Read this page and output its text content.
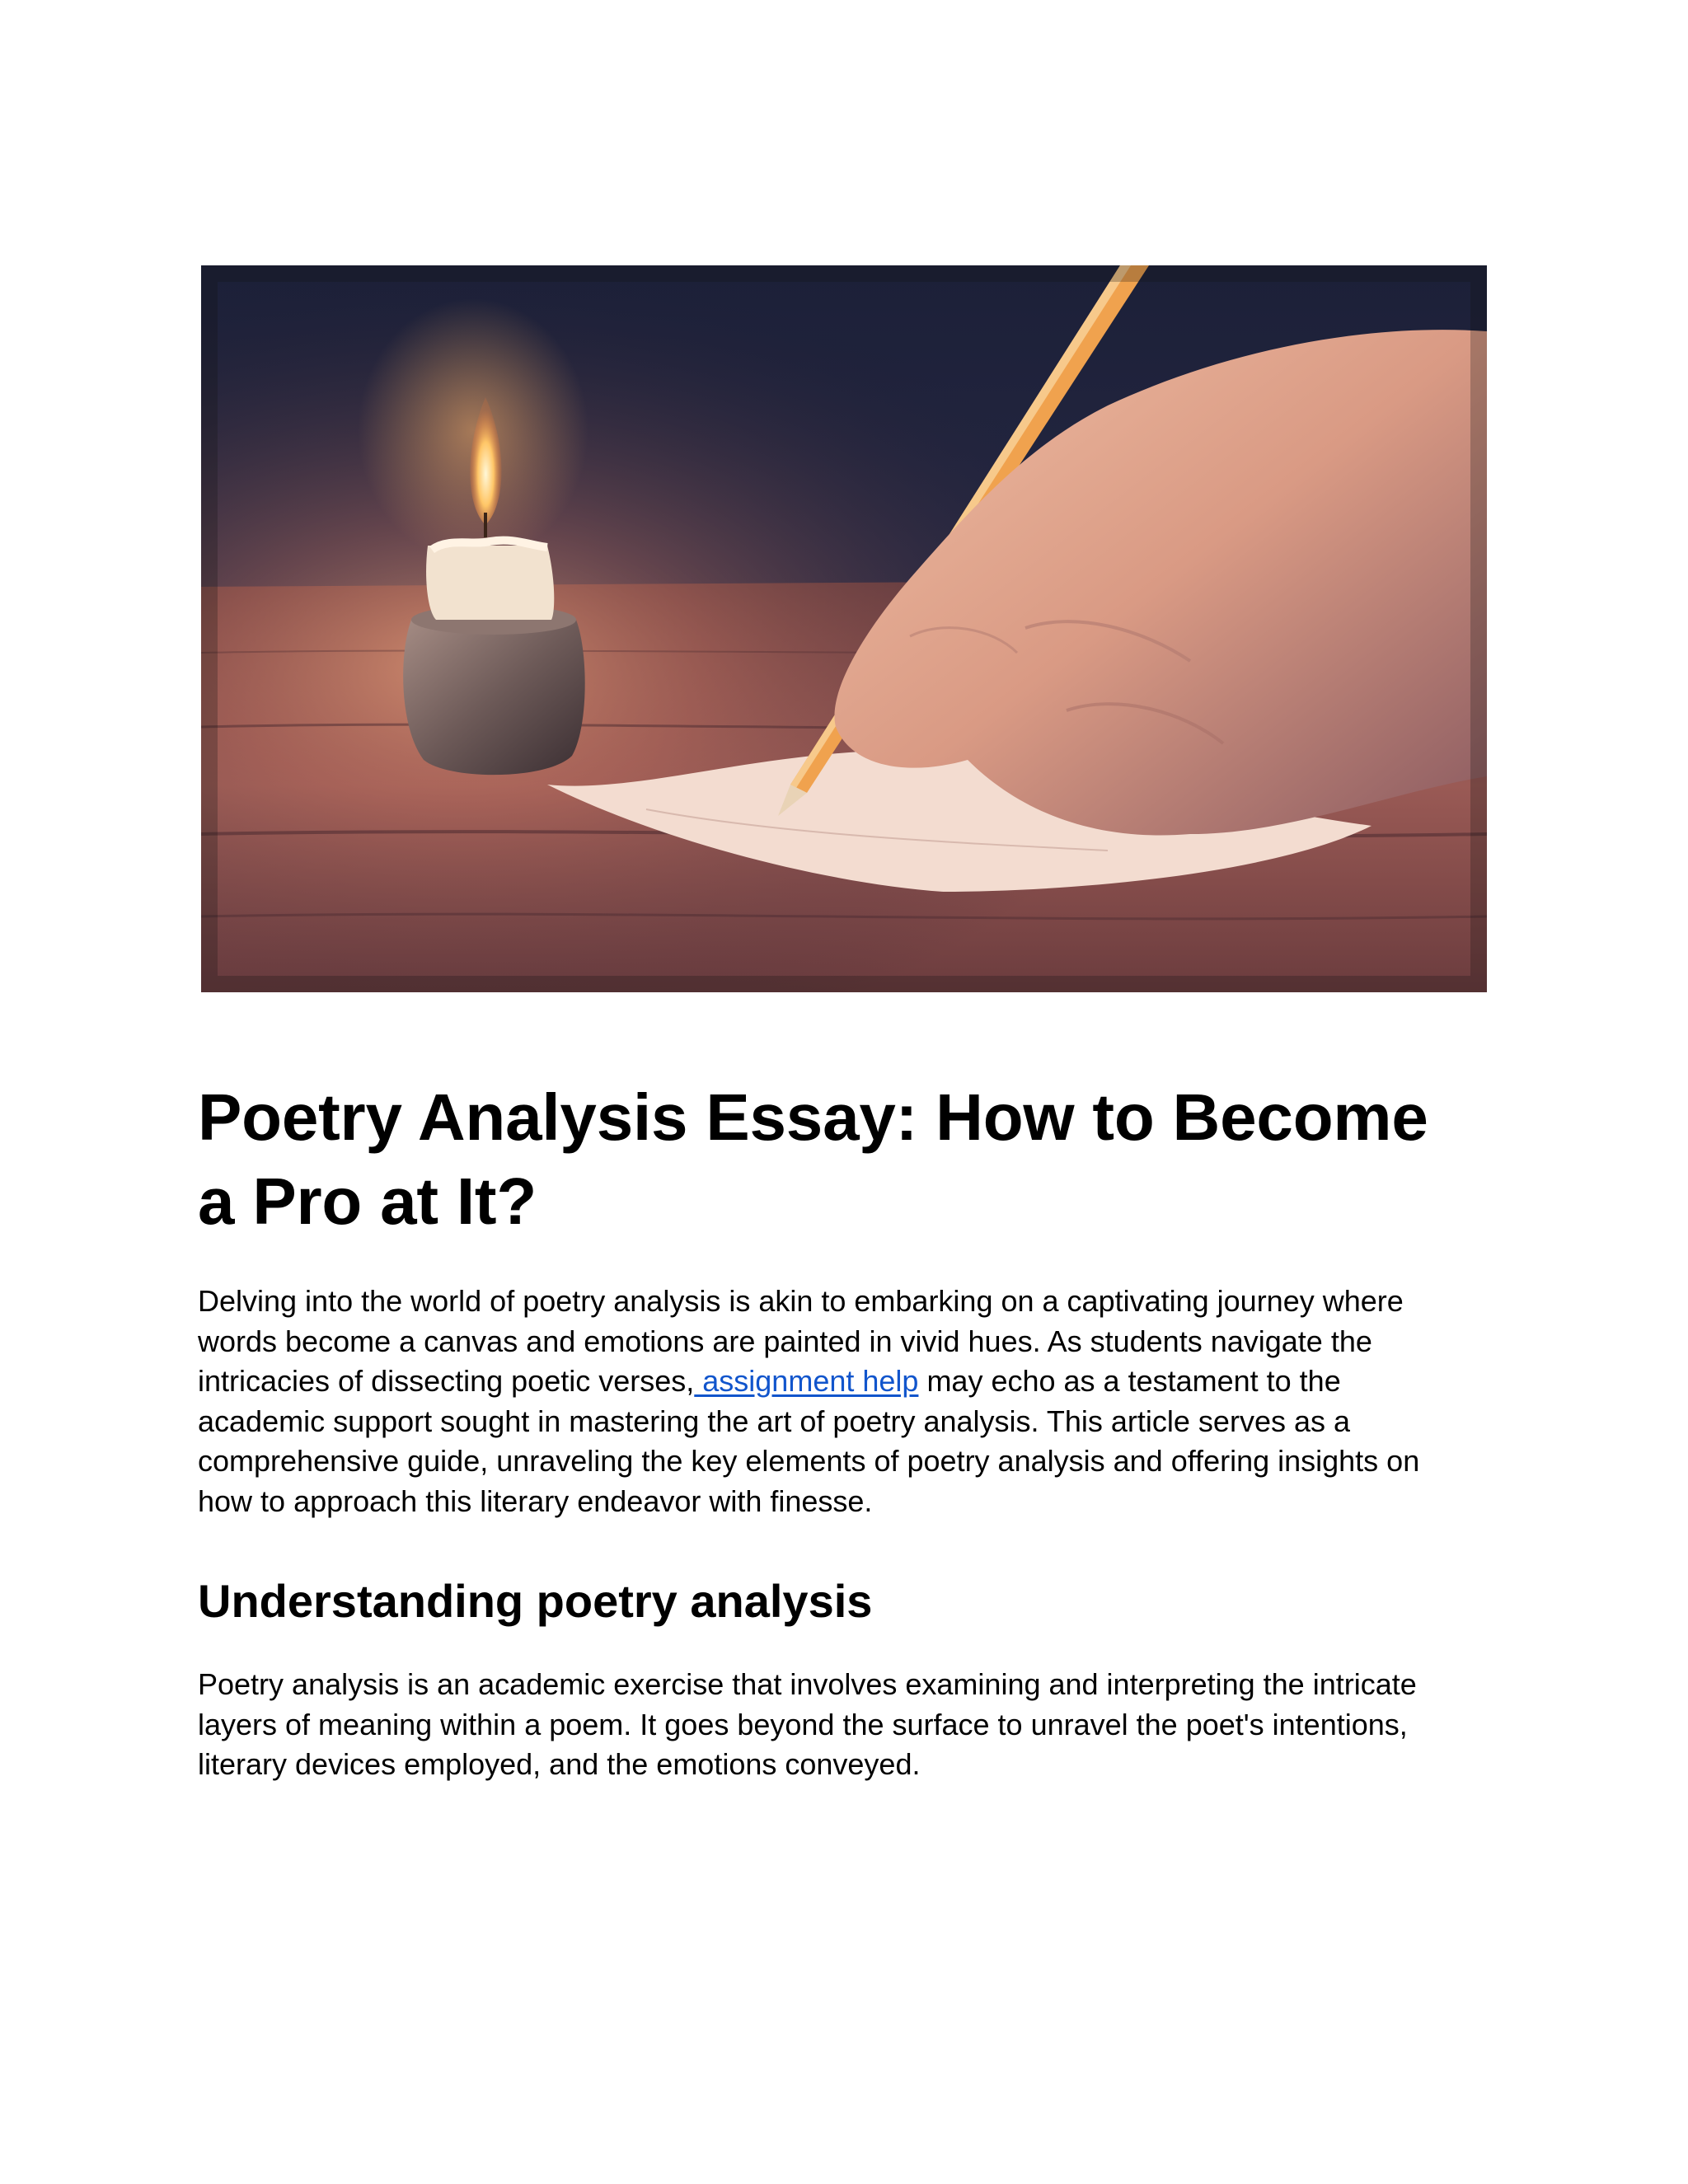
Poetry Analysis Essay: How to Become a Pro at It?

Delving into the world of poetry analysis is akin to embarking on a captivating journey where words become a canvas and emotions are painted in vivid hues. As students navigate the intricacies of dissecting poetic verses, assignment help may echo as a testament to the academic support sought in mastering the art of poetry analysis. This article serves as a comprehensive guide, unraveling the key elements of poetry analysis and offering insights on how to approach this literary endeavor with finesse.

Understanding poetry analysis

Poetry analysis is an academic exercise that involves examining and interpreting the intricate layers of meaning within a poem. It goes beyond the surface to unravel the poet's intentions, literary devices employed, and the emotions conveyed.
